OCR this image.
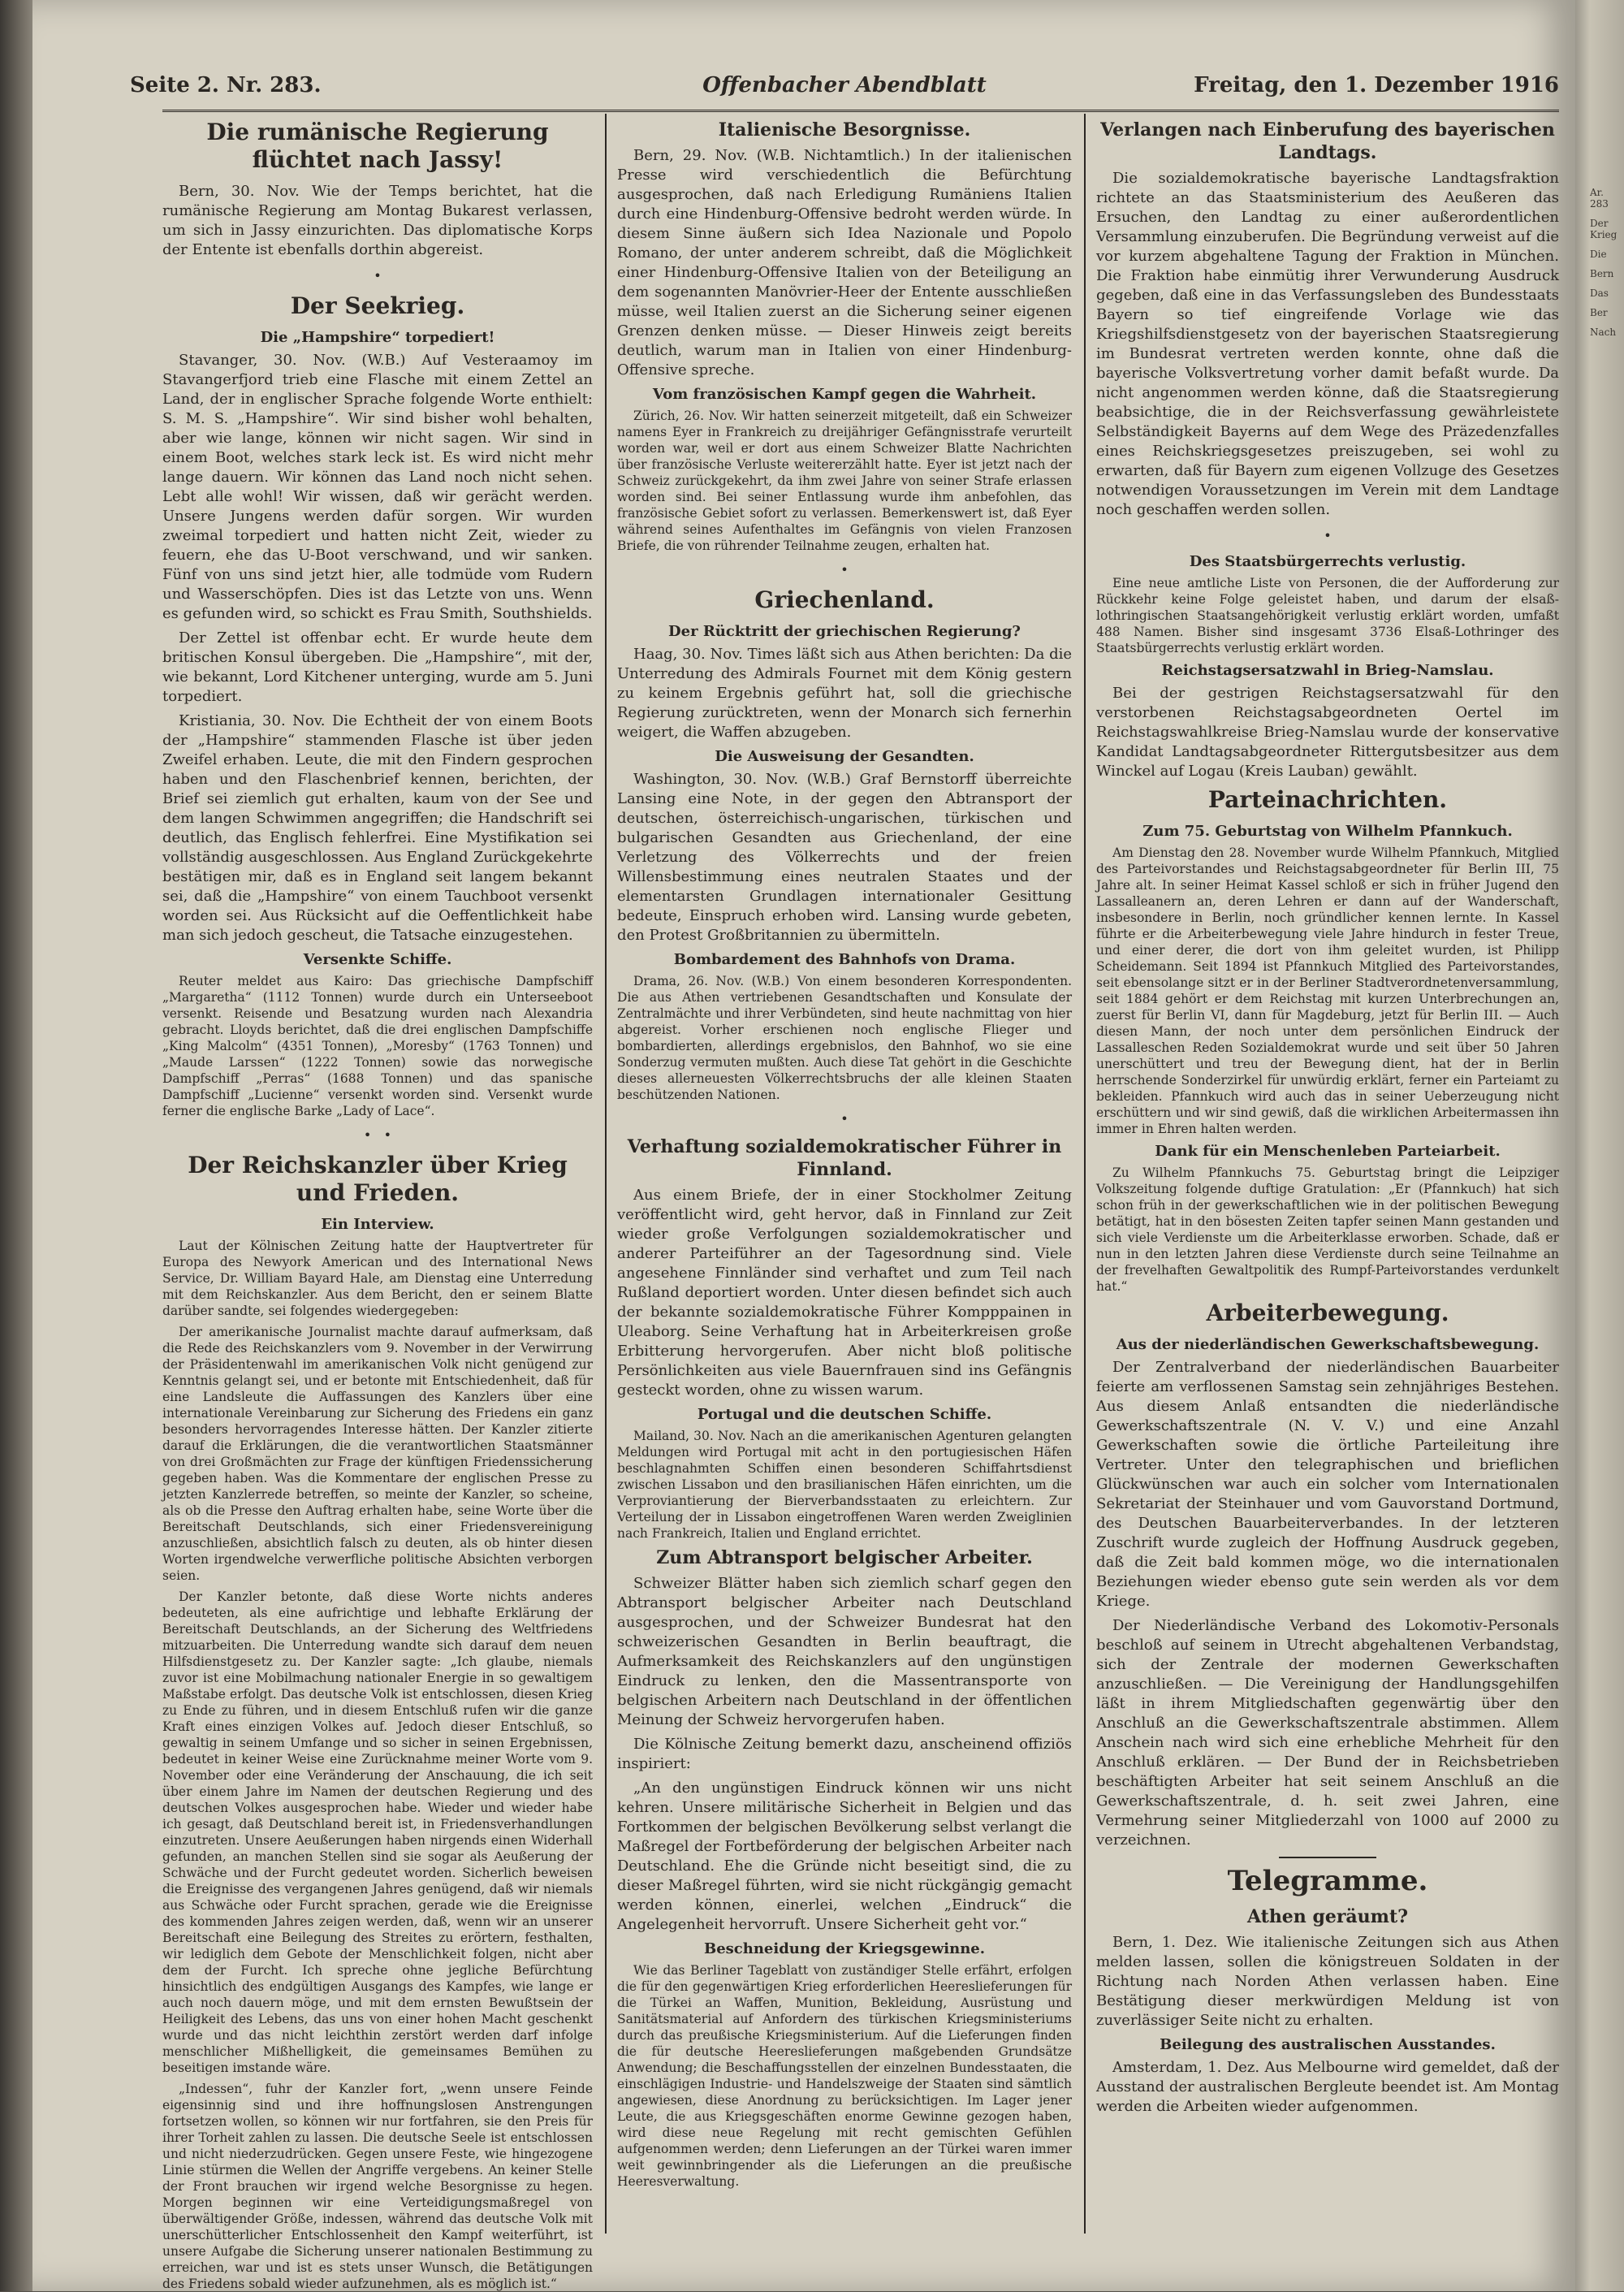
Ar. 283
Der Krieg
Die
Bern
Das
Ber
Nach
Seite 2. Nr. 283.	Offenbacher Abendblatt	Freitag, den 1. Dezember 1916
Die rumänische Regierung flüchtet nach Jassy!

Bern, 30. Nov. Wie der Temps berichtet, hat die rumänische Regierung am Montag Bukarest verlassen, um sich in Jassy einzurichten. Das diplomatische Korps der Entente ist ebenfalls dorthin abgereist.

•
Der Seekrieg.
Die „Hampshire“ torpediert!

Stavanger, 30. Nov. (W.B.) Auf Vesteraamoy im Stavangerfjord trieb eine Flasche mit einem Zettel an Land, der in englischer Sprache folgende Worte enthielt: S. M. S. „Hampshire“. Wir sind bisher wohl behalten, aber wie lange, können wir nicht sagen. Wir sind in einem Boot, welches stark leck ist. Es wird nicht mehr lange dauern. Wir können das Land noch nicht sehen. Lebt alle wohl! Wir wissen, daß wir gerächt werden. Unsere Jungens werden dafür sorgen. Wir wurden zweimal torpediert und hatten nicht Zeit, wieder zu feuern, ehe das U-Boot verschwand, und wir sanken. Fünf von uns sind jetzt hier, alle todmüde vom Rudern und Wasserschöpfen. Dies ist das Letzte von uns. Wenn es gefunden wird, so schickt es Frau Smith, Southshields.

Der Zettel ist offenbar echt. Er wurde heute dem britischen Konsul übergeben. Die „Hampshire“, mit der, wie bekannt, Lord Kitchener unterging, wurde am 5. Juni torpediert.

Kristiania, 30. Nov. Die Echtheit der von einem Boots der „Hampshire“ stammenden Flasche ist über jeden Zweifel erhaben. Leute, die mit den Findern gesprochen haben und den Flaschenbrief kennen, berichten, der Brief sei ziemlich gut erhalten, kaum von der See und dem langen Schwimmen angegriffen; die Handschrift sei deutlich, das Englisch fehlerfrei. Eine Mystifikation sei vollständig ausgeschlossen. Aus England Zurückgekehrte bestätigen mir, daß es in England seit langem bekannt sei, daß die „Hampshire“ von einem Tauchboot versenkt worden sei. Aus Rücksicht auf die Oeffentlichkeit habe man sich jedoch gescheut, die Tatsache einzugestehen.

Versenkte Schiffe.

Reuter meldet aus Kairo: Das griechische Dampfschiff „Margaretha“ (1112 Tonnen) wurde durch ein Unterseeboot versenkt. Reisende und Besatzung wurden nach Alexandria gebracht. Lloyds berichtet, daß die drei englischen Dampfschiffe „King Malcolm“ (4351 Tonnen), „Moresby“ (1763 Tonnen) und „Maude Larssen“ (1222 Tonnen) sowie das norwegische Dampfschiff „Perras“ (1688 Tonnen) und das spanische Dampfschiff „Lucienne“ versenkt worden sind. Versenkt wurde ferner die englische Barke „Lady of Lace“.

•   •
Der Reichskanzler über Krieg und Frieden.
Ein Interview.

Laut der Kölnischen Zeitung hatte der Hauptvertreter für Europa des Newyork American und des International News Service, Dr. William Bayard Hale, am Dienstag eine Unterredung mit dem Reichskanzler. Aus dem Bericht, den er seinem Blatte darüber sandte, sei folgendes wiedergegeben:

Der amerikanische Journalist machte darauf aufmerksam, daß die Rede des Reichskanzlers vom 9. November in der Verwirrung der Präsidentenwahl im amerikanischen Volk nicht genügend zur Kenntnis gelangt sei, und er betonte mit Entschiedenheit, daß für eine Landsleute die Auffassungen des Kanzlers über eine internationale Vereinbarung zur Sicherung des Friedens ein ganz besonders hervorragendes Interesse hätten. Der Kanzler zitierte darauf die Erklärungen, die die verantwortlichen Staatsmänner von drei Großmächten zur Frage der künftigen Friedenssicherung gegeben haben. Was die Kommentare der englischen Presse zu jetzten Kanzlerrede betreffen, so meinte der Kanzler, so scheine, als ob die Presse den Auftrag erhalten habe, seine Worte über die Bereitschaft Deutschlands, sich einer Friedensvereinigung anzuschließen, absichtlich falsch zu deuten, als ob hinter diesen Worten irgendwelche verwerfliche politische Absichten verborgen seien.

Der Kanzler betonte, daß diese Worte nichts anderes bedeuteten, als eine aufrichtige und lebhafte Erklärung der Bereitschaft Deutschlands, an der Sicherung des Weltfriedens mitzuarbeiten. Die Unterredung wandte sich darauf dem neuen Hilfsdienstgesetz zu. Der Kanzler sagte: „Ich glaube, niemals zuvor ist eine Mobilmachung nationaler Energie in so gewaltigem Maßstabe erfolgt. Das deutsche Volk ist entschlossen, diesen Krieg zu Ende zu führen, und in diesem Entschluß rufen wir die ganze Kraft eines einzigen Volkes auf. Jedoch dieser Entschluß, so gewaltig in seinem Umfange und so sicher in seinen Ergebnissen, bedeutet in keiner Weise eine Zurücknahme meiner Worte vom 9. November oder eine Veränderung der Anschauung, die ich seit über einem Jahre im Namen der deutschen Regierung und des deutschen Volkes ausgesprochen habe. Wieder und wieder habe ich gesagt, daß Deutschland bereit ist, in Friedensverhandlungen einzutreten. Unsere Aeußerungen haben nirgends einen Widerhall gefunden, an manchen Stellen sind sie sogar als Aeußerung der Schwäche und der Furcht gedeutet worden. Sicherlich beweisen die Ereignisse des vergangenen Jahres genügend, daß wir niemals aus Schwäche oder Furcht sprachen, gerade wie die Ereignisse des kommenden Jahres zeigen werden, daß, wenn wir an unserer Bereitschaft eine Beilegung des Streites zu erörtern, festhalten, wir lediglich dem Gebote der Menschlichkeit folgen, nicht aber dem der Furcht. Ich spreche ohne jegliche Befürchtung hinsichtlich des endgültigen Ausgangs des Kampfes, wie lange er auch noch dauern möge, und mit dem ernsten Bewußtsein der Heiligkeit des Lebens, das uns von einer hohen Macht geschenkt wurde und das nicht leichthin zerstört werden darf infolge menschlicher Mißhelligkeit, die gemeinsames Bemühen zu beseitigen imstande wäre.

„Indessen“, fuhr der Kanzler fort, „wenn unsere Feinde eigensinnig sind und ihre hoffnungslosen Anstrengungen fortsetzen wollen, so können wir nur fortfahren, sie den Preis für ihrer Torheit zahlen zu lassen. Die deutsche Seele ist entschlossen und nicht niederzudrücken. Gegen unsere Feste, wie hingezogene Linie stürmen die Wellen der Angriffe vergebens. An keiner Stelle der Front brauchen wir irgend welche Besorgnisse zu hegen. Morgen beginnen wir eine Verteidigungsmaßregel von überwältigender Größe, indessen, während das deutsche Volk mit unerschütterlicher Entschlossenheit den Kampf weiterführt, ist unsere Aufgabe die Sicherung unserer nationalen Bestimmung zu erreichen, war und ist es stets unser Wunsch, die Betätigungen des Friedens sobald wieder aufzunehmen, als es möglich ist.“

Italienische Besorgnisse.

Bern, 29. Nov. (W.B. Nichtamtlich.) In der italienischen Presse wird verschiedentlich die Befürchtung ausgesprochen, daß nach Erledigung Rumäniens Italien durch eine Hindenburg-Offensive bedroht werden würde. In diesem Sinne äußern sich Idea Nazionale und Popolo Romano, der unter anderem schreibt, daß die Möglichkeit einer Hindenburg-Offensive Italien von der Beteiligung an dem sogenannten Manövrier-Heer der Entente ausschließen müsse, weil Italien zuerst an die Sicherung seiner eigenen Grenzen denken müsse. — Dieser Hinweis zeigt bereits deutlich, warum man in Italien von einer Hindenburg-Offensive spreche.

Vom französischen Kampf gegen die Wahrheit.

Zürich, 26. Nov. Wir hatten seinerzeit mitgeteilt, daß ein Schweizer namens Eyer in Frankreich zu dreijähriger Gefängnisstrafe verurteilt worden war, weil er dort aus einem Schweizer Blatte Nachrichten über französische Verluste weitererzählt hatte. Eyer ist jetzt nach der Schweiz zurückgekehrt, da ihm zwei Jahre von seiner Strafe erlassen worden sind. Bei seiner Entlassung wurde ihm anbefohlen, das französische Gebiet sofort zu verlassen. Bemerkenswert ist, daß Eyer während seines Aufenthaltes im Gefängnis von vielen Franzosen Briefe, die von rührender Teilnahme zeugen, erhalten hat.

•
Griechenland.
Der Rücktritt der griechischen Regierung?

Haag, 30. Nov. Times läßt sich aus Athen berichten: Da die Unterredung des Admirals Fournet mit dem König gestern zu keinem Ergebnis geführt hat, soll die griechische Regierung zurücktreten, wenn der Monarch sich fernerhin weigert, die Waffen abzugeben.

Die Ausweisung der Gesandten.

Washington, 30. Nov. (W.B.) Graf Bernstorff überreichte Lansing eine Note, in der gegen den Abtransport der deutschen, österreichisch-ungarischen, türkischen und bulgarischen Gesandten aus Griechenland, der eine Verletzung des Völkerrechts und der freien Willensbestimmung eines neutralen Staates und der elementarsten Grundlagen internationaler Gesittung bedeute, Einspruch erhoben wird. Lansing wurde gebeten, den Protest Großbritannien zu übermitteln.

Bombardement des Bahnhofs von Drama.

Drama, 26. Nov. (W.B.) Von einem besonderen Korrespondenten. Die aus Athen vertriebenen Gesandtschaften und Konsulate der Zentralmächte und ihrer Verbündeten, sind heute nachmittag von hier abgereist. Vorher erschienen noch englische Flieger und bombardierten, allerdings ergebnislos, den Bahnhof, wo sie eine Sonderzug vermuten mußten. Auch diese Tat gehört in die Geschichte dieses allerneuesten Völkerrechtsbruchs der alle kleinen Staaten beschützenden Nationen.

•
Verhaftung sozialdemokratischer Führer in Finnland.

Aus einem Briefe, der in einer Stockholmer Zeitung veröffentlicht wird, geht hervor, daß in Finnland zur Zeit wieder große Verfolgungen sozialdemokratischer und anderer Parteiführer an der Tagesordnung sind. Viele angesehene Finnländer sind verhaftet und zum Teil nach Rußland deportiert worden. Unter diesen befindet sich auch der bekannte sozialdemokratische Führer Kompppainen in Uleaborg. Seine Verhaftung hat in Arbeiterkreisen große Erbitterung hervorgerufen. Aber nicht bloß politische Persönlichkeiten aus viele Bauernfrauen sind ins Gefängnis gesteckt worden, ohne zu wissen warum.

Portugal und die deutschen Schiffe.

Mailand, 30. Nov. Nach an die amerikanischen Agenturen gelangten Meldungen wird Portugal mit acht in den portugiesischen Häfen beschlagnahmten Schiffen einen besonderen Schiffahrtsdienst zwischen Lissabon und den brasilianischen Häfen einrichten, um die Verproviantierung der Bierverbandsstaaten zu erleichtern. Zur Verteilung der in Lissabon eingetroffenen Waren werden Zweiglinien nach Frankreich, Italien und England errichtet.

Zum Abtransport belgischer Arbeiter.

Schweizer Blätter haben sich ziemlich scharf gegen den Abtransport belgischer Arbeiter nach Deutschland ausgesprochen, und der Schweizer Bundesrat hat den schweizerischen Gesandten in Berlin beauftragt, die Aufmerksamkeit des Reichskanzlers auf den ungünstigen Eindruck zu lenken, den die Massentransporte von belgischen Arbeitern nach Deutschland in der öffentlichen Meinung der Schweiz hervorgerufen haben.

Die Kölnische Zeitung bemerkt dazu, anscheinend offiziös inspiriert:

„An den ungünstigen Eindruck können wir uns nicht kehren. Unsere militärische Sicherheit in Belgien und das Fortkommen der belgischen Bevölkerung selbst verlangt die Maßregel der Fortbeförderung der belgischen Arbeiter nach Deutschland. Ehe die Gründe nicht beseitigt sind, die zu dieser Maßregel führten, wird sie nicht rückgängig gemacht werden können, einerlei, welchen „Eindruck“ die Angelegenheit hervorruft. Unsere Sicherheit geht vor.“

Beschneidung der Kriegsgewinne.

Wie das Berliner Tageblatt von zuständiger Stelle erfährt, erfolgen die für den gegenwärtigen Krieg erforderlichen Heereslieferungen für die Türkei an Waffen, Munition, Bekleidung, Ausrüstung und Sanitätsmaterial auf Anfordern des türkischen Kriegsministeriums durch das preußische Kriegsministerium. Auf die Lieferungen finden die für deutsche Heereslieferungen maßgebenden Grundsätze Anwendung; die Beschaffungsstellen der einzelnen Bundesstaaten, die einschlägigen Industrie- und Handelszweige der Staaten sind sämtlich angewiesen, diese Anordnung zu berücksichtigen. Im Lager jener Leute, die aus Kriegsgeschäften enorme Gewinne gezogen haben, wird diese neue Regelung mit recht gemischten Gefühlen aufgenommen werden; denn Lieferungen an der Türkei waren immer weit gewinnbringender als die Lieferungen an die preußische Heeresverwaltung.

Verlangen nach Einberufung des bayerischen Landtags.

Die sozialdemokratische bayerische Landtagsfraktion richtete an das Staatsministerium des Aeußeren das Ersuchen, den Landtag zu einer außerordentlichen Versammlung einzuberufen. Die Begründung verweist auf die vor kurzem abgehaltene Tagung der Fraktion in München. Die Fraktion habe einmütig ihrer Verwunderung Ausdruck gegeben, daß eine in das Verfassungsleben des Bundesstaats Bayern so tief eingreifende Vorlage wie das Kriegshilfsdienstgesetz von der bayerischen Staatsregierung im Bundesrat vertreten werden konnte, ohne daß die bayerische Volksvertretung vorher damit befaßt wurde. Da nicht angenommen werden könne, daß die Staatsregierung beabsichtige, die in der Reichsverfassung gewährleistete Selbständigkeit Bayerns auf dem Wege des Präzedenzfalles eines Reichskriegsgesetzes preiszugeben, sei wohl zu erwarten, daß für Bayern zum eigenen Vollzuge des Gesetzes notwendigen Voraussetzungen im Verein mit dem Landtage noch geschaffen werden sollen.

•
Des Staatsbürgerrechts verlustig.

Eine neue amtliche Liste von Personen, die der Aufforderung zur Rückkehr keine Folge geleistet haben, und darum der elsaß-lothringischen Staatsangehörigkeit verlustig erklärt worden, umfaßt 488 Namen. Bisher sind insgesamt 3736 Elsaß-Lothringer des Staatsbürgerrechts verlustig erklärt worden.

Reichstagsersatzwahl in Brieg-Namslau.

Bei der gestrigen Reichstagsersatzwahl für den verstorbenen Reichstagsabgeordneten Oertel im Reichstagswahlkreise Brieg-Namslau wurde der konservative Kandidat Landtagsabgeordneter Rittergutsbesitzer aus dem Winckel auf Logau (Kreis Lauban) gewählt.

Parteinachrichten.
Zum 75. Geburtstag von Wilhelm Pfannkuch.

Am Dienstag den 28. November wurde Wilhelm Pfannkuch, Mitglied des Parteivorstandes und Reichstagsabgeordneter für Berlin III, 75 Jahre alt. In seiner Heimat Kassel schloß er sich in früher Jugend den Lassalleanern an, deren Lehren er dann auf der Wanderschaft, insbesondere in Berlin, noch gründlicher kennen lernte. In Kassel führte er die Arbeiterbewegung viele Jahre hindurch in fester Treue, und einer derer, die dort von ihm geleitet wurden, ist Philipp Scheidemann. Seit 1894 ist Pfannkuch Mitglied des Parteivorstandes, seit ebensolange sitzt er in der Berliner Stadtverordnetenversammlung, seit 1884 gehört er dem Reichstag mit kurzen Unterbrechungen an, zuerst für Berlin VI, dann für Magdeburg, jetzt für Berlin III. — Auch diesen Mann, der noch unter dem persönlichen Eindruck der Lassalleschen Reden Sozialdemokrat wurde und seit über 50 Jahren unerschüttert und treu der Bewegung dient, hat der in Berlin herrschende Sonderzirkel für unwürdig erklärt, ferner ein Parteiamt zu bekleiden. Pfannkuch wird auch das in seiner Ueberzeugung nicht erschüttern und wir sind gewiß, daß die wirklichen Arbeitermassen ihn immer in Ehren halten werden.

Dank für ein Menschenleben Parteiarbeit.

Zu Wilhelm Pfannkuchs 75. Geburtstag bringt die Leipziger Volkszeitung folgende duftige Gratulation: „Er (Pfannkuch) hat sich schon früh in der gewerkschaftlichen wie in der politischen Bewegung betätigt, hat in den bösesten Zeiten tapfer seinen Mann gestanden und sich viele Verdienste um die Arbeiterklasse erworben. Schade, daß er nun in den letzten Jahren diese Verdienste durch seine Teilnahme an der frevelhaften Gewaltpolitik des Rumpf-Parteivorstandes verdunkelt hat.“

Arbeiterbewegung.
Aus der niederländischen Gewerkschaftsbewegung.

Der Zentralverband der niederländischen Bauarbeiter feierte am verflossenen Samstag sein zehnjähriges Bestehen. Aus diesem Anlaß entsandten die niederländische Gewerkschaftszentrale (N. V. V.) und eine Anzahl Gewerkschaften sowie die örtliche Parteileitung ihre Vertreter. Unter den telegraphischen und brieflichen Glückwünschen war auch ein solcher vom Internationalen Sekretariat der Steinhauer und vom Gauvorstand Dortmund, des Deutschen Bauarbeiterverbandes. In der letzteren Zuschrift wurde zugleich der Hoffnung Ausdruck gegeben, daß die Zeit bald kommen möge, wo die internationalen Beziehungen wieder ebenso gute sein werden als vor dem Kriege.

Der Niederländische Verband des Lokomotiv-Personals beschloß auf seinem in Utrecht abgehaltenen Verbandstag, sich der Zentrale der modernen Gewerkschaften anzuschließen. — Die Vereinigung der Handlungsgehilfen läßt in ihrem Mitgliedschaften gegenwärtig über den Anschluß an die Gewerkschaftszentrale abstimmen. Allem Anschein nach wird sich eine erhebliche Mehrheit für den Anschluß erklären. — Der Bund der in Reichsbetrieben beschäftigten Arbeiter hat seit seinem Anschluß an die Gewerkschaftszentrale, d. h. seit zwei Jahren, eine Vermehrung seiner Mitgliederzahl von 1000 auf 2000 zu verzeichnen.

Telegramme.
Athen geräumt?

Bern, 1. Dez. Wie italienische Zeitungen sich aus Athen melden lassen, sollen die königstreuen Soldaten in der Richtung nach Norden Athen verlassen haben. Eine Bestätigung dieser merkwürdigen Meldung ist von zuverlässiger Seite nicht zu erhalten.

Beilegung des australischen Ausstandes.

Amsterdam, 1. Dez. Aus Melbourne wird gemeldet, daß der Ausstand der australischen Bergleute beendet ist. Am Montag werden die Arbeiten wieder aufgenommen.
